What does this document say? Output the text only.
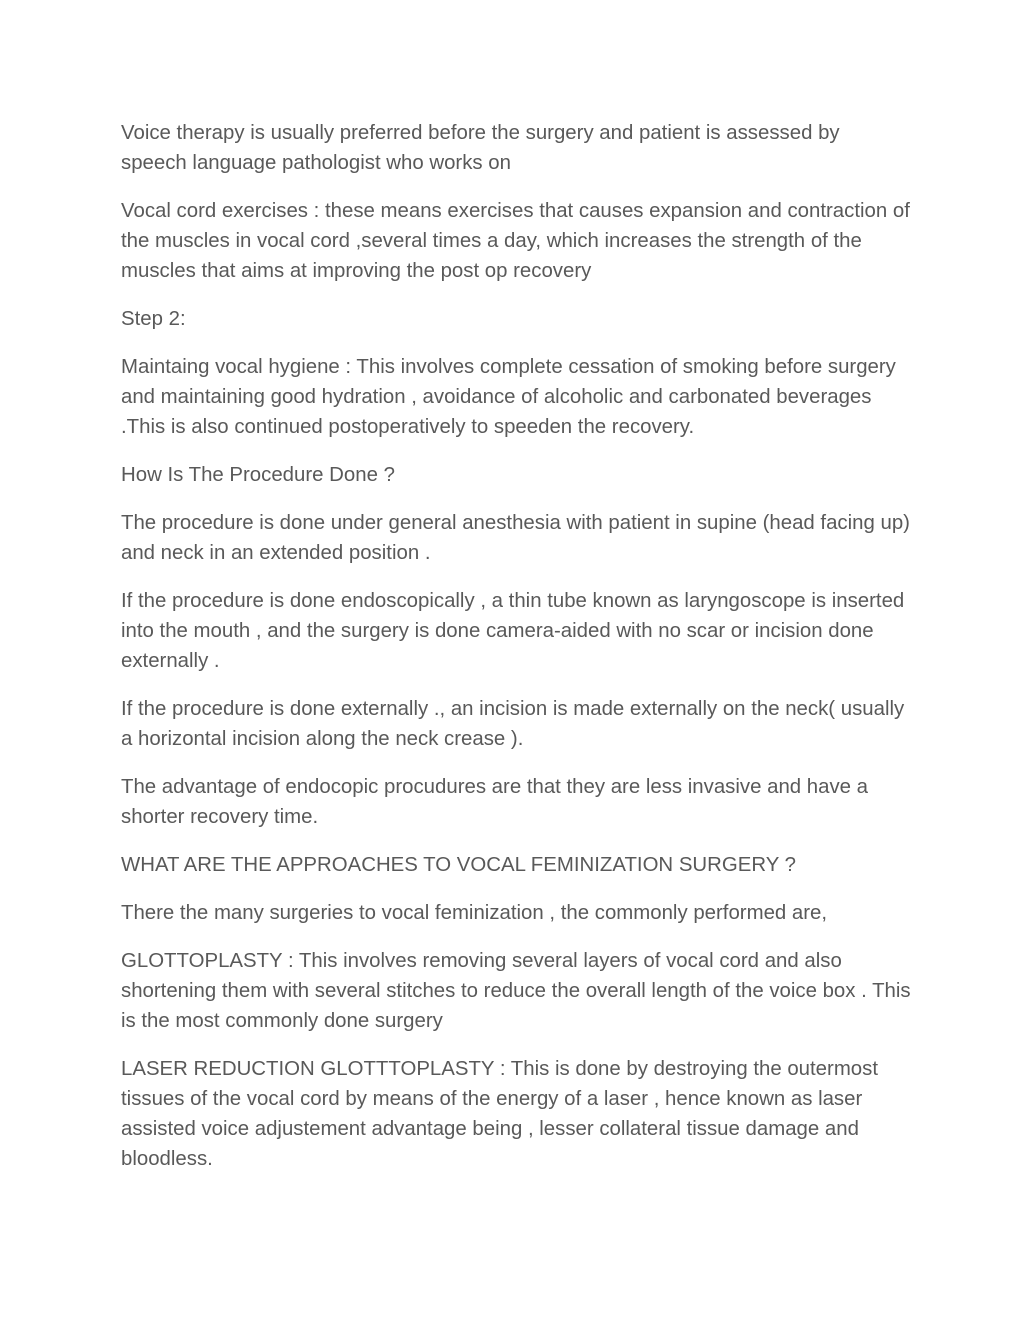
Voice therapy is usually preferred before the surgery and patient is assessed by speech language pathologist who works on

Vocal cord exercises : these means exercises that causes expansion and contraction of the muscles in vocal cord ,several times a day, which increases the strength of the muscles that aims at improving the post op recovery

Step 2:

Maintaing vocal hygiene : This involves complete cessation of smoking before surgery and maintaining good hydration , avoidance of alcoholic and carbonated beverages .This is also continued postoperatively to speeden the recovery.

How Is The Procedure Done ?

The procedure is done under general anesthesia with patient in supine (head facing up) and neck in an extended position .

If the procedure is done endoscopically , a thin tube known as laryngoscope is inserted into the mouth , and the surgery is done camera-aided with no scar or incision done externally .

If the procedure is done externally ., an incision is made externally on the neck( usually a horizontal incision along the neck crease ).

The advantage of endocopic procudures are that they are less invasive and have a shorter recovery time.

WHAT ARE THE APPROACHES TO VOCAL FEMINIZATION SURGERY ?

There the many surgeries to vocal feminization , the commonly performed are,

GLOTTOPLASTY : This involves removing several layers of vocal cord and also shortening them with several stitches to reduce the overall length of the voice box . This is the most commonly done surgery

LASER REDUCTION GLOTTTOPLASTY : This is done by destroying the outermost tissues of the vocal cord by means of the energy of a laser , hence known as laser assisted voice adjustement advantage being , lesser collateral tissue damage and bloodless.
